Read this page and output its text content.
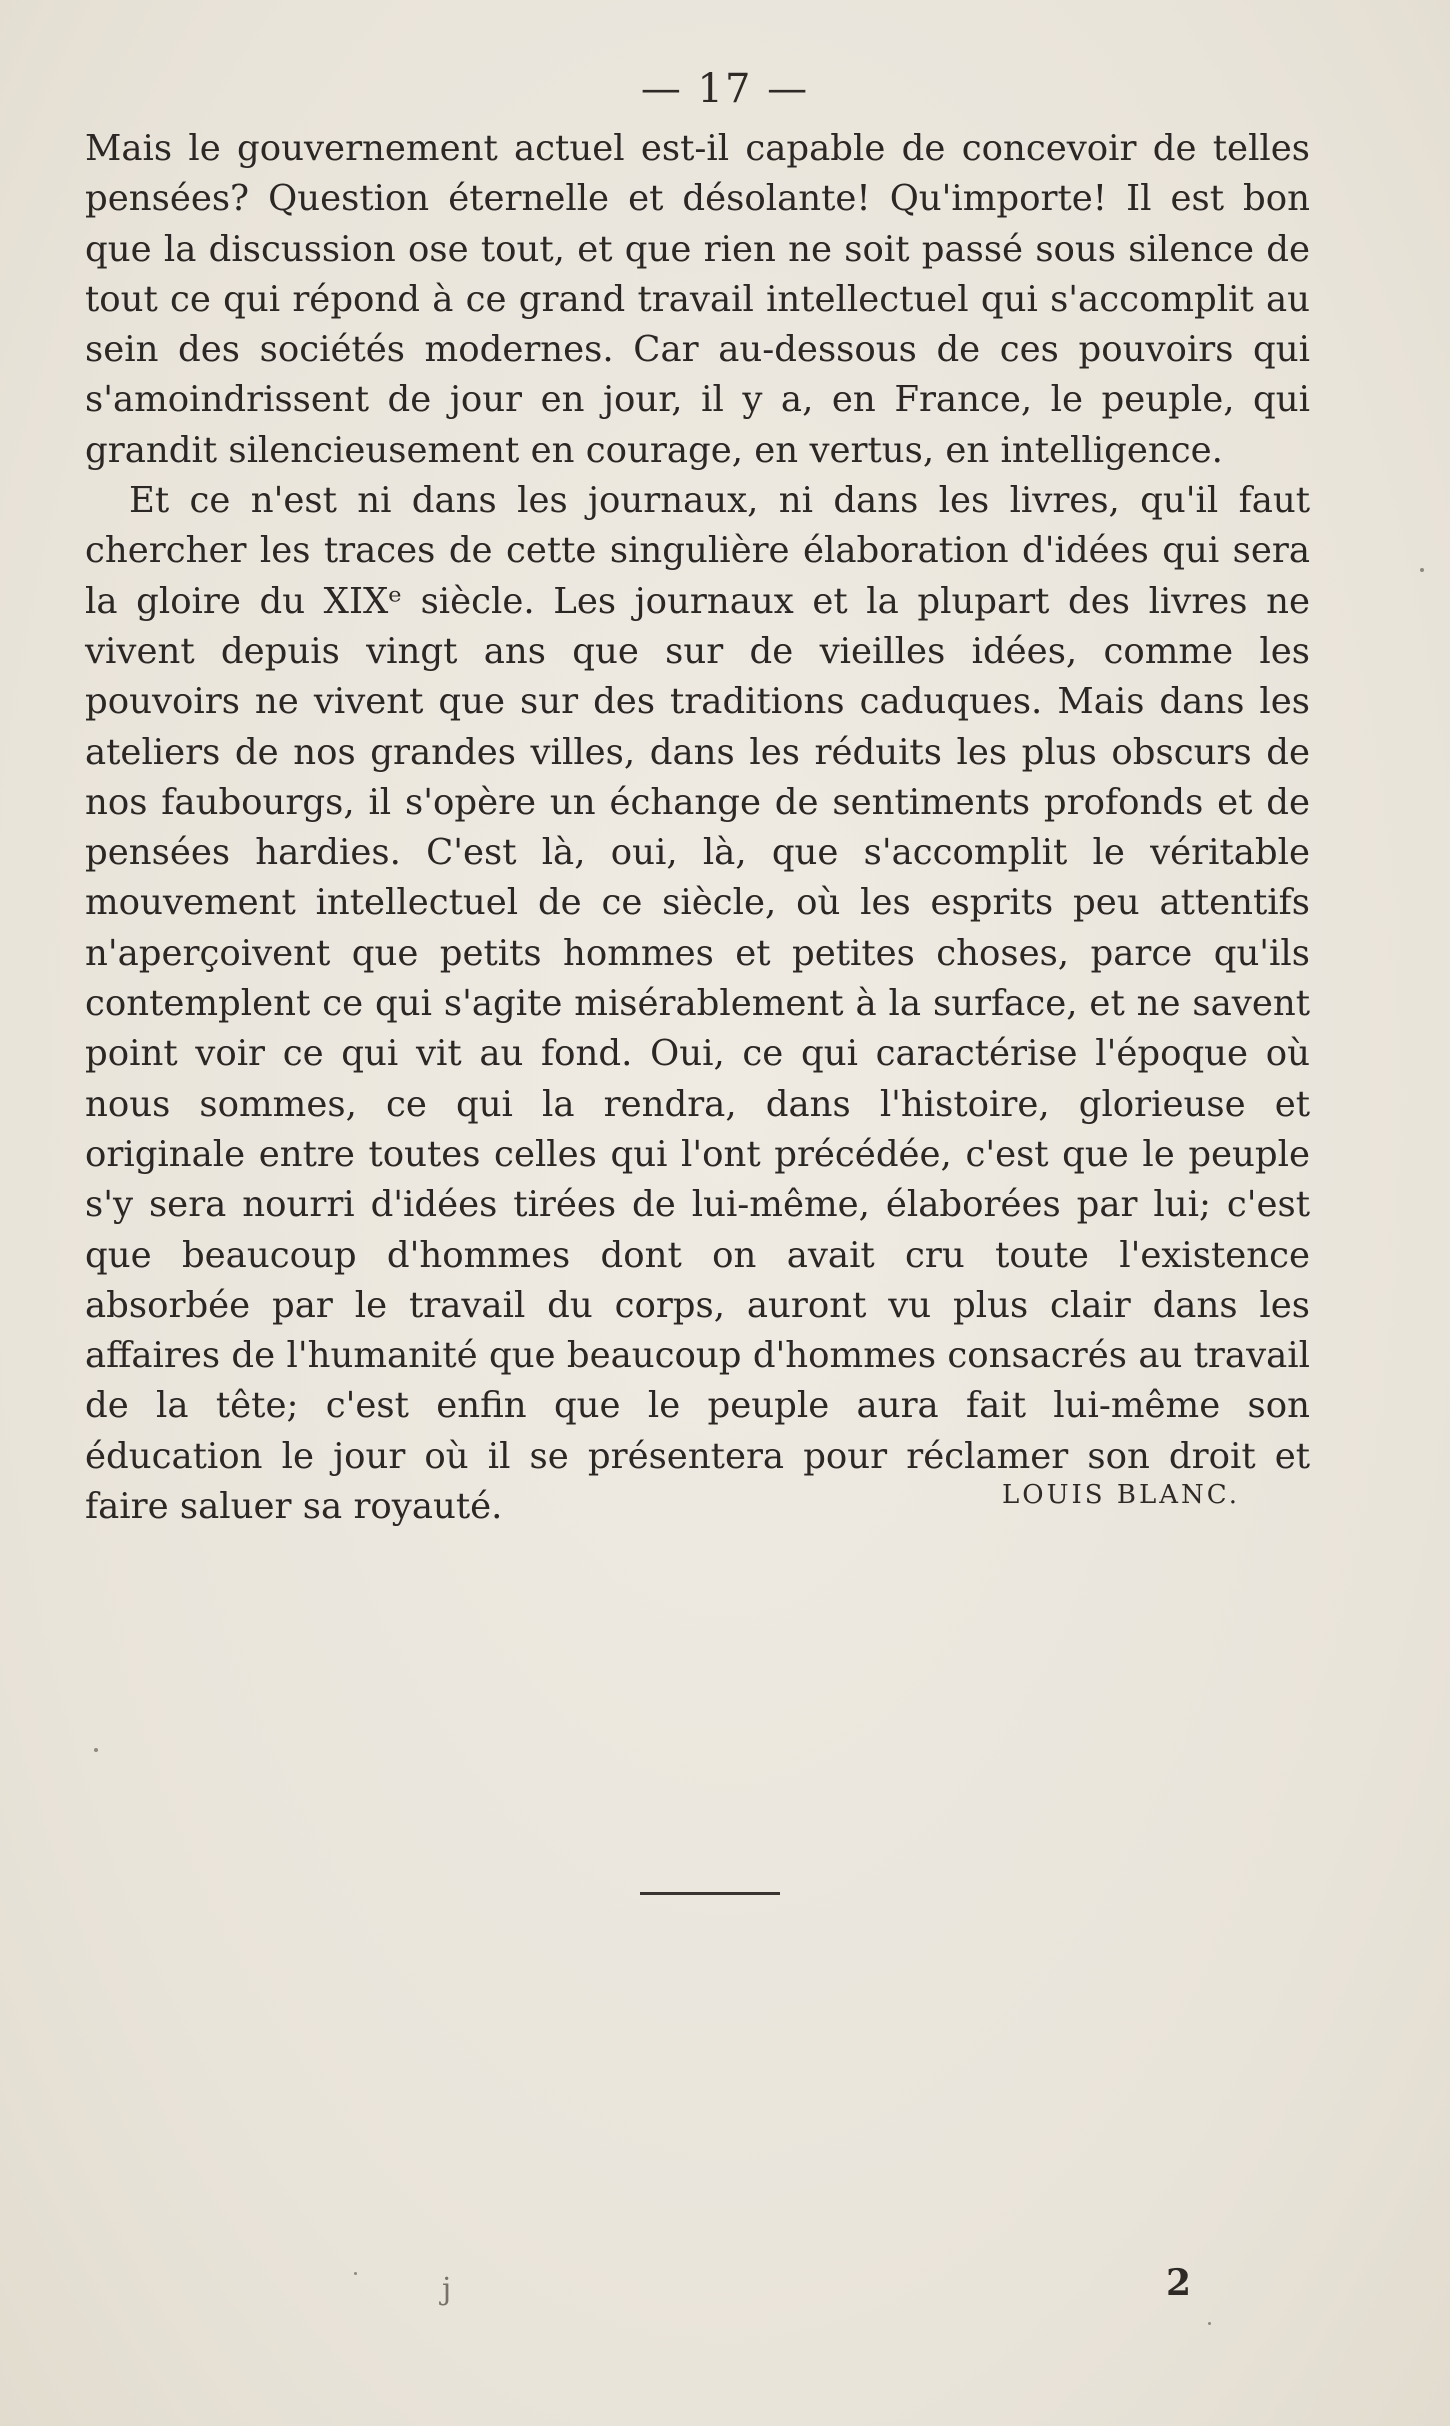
— 17 —

Mais le gouvernement actuel est-il capable de concevoir de telles pensées? Question éternelle et désolante! Qu'importe! Il est bon que la discussion ose tout, et que rien ne soit passé sous silence de tout ce qui répond à ce grand travail intellectuel qui s'accomplit au sein des sociétés modernes. Car au-dessous de ces pouvoirs qui s'amoindrissent de jour en jour, il y a, en France, le peuple, qui grandit silencieusement en courage, en vertus, en intelligence.

Et ce n'est ni dans les journaux, ni dans les livres, qu'il faut chercher les traces de cette singulière élaboration d'idées qui sera la gloire du XIXᵉ siècle. Les journaux et la plupart des livres ne vivent depuis vingt ans que sur de vieilles idées, comme les pouvoirs ne vivent que sur des traditions caduques. Mais dans les ateliers de nos grandes villes, dans les réduits les plus obscurs de nos faubourgs, il s'opère un échange de sentiments profonds et de pensées hardies. C'est là, oui, là, que s'accomplit le véritable mouvement intellectuel de ce siècle, où les esprits peu attentifs n'aperçoivent que petits hommes et petites choses, parce qu'ils contemplent ce qui s'agite misérablement à la surface, et ne savent point voir ce qui vit au fond. Oui, ce qui caractérise l'époque où nous sommes, ce qui la rendra, dans l'histoire, glorieuse et originale entre toutes celles qui l'ont précédée, c'est que le peuple s'y sera nourri d'idées tirées de lui-même, élaborées par lui; c'est que beaucoup d'hommes dont on avait cru toute l'existence absorbée par le travail du corps, auront vu plus clair dans les affaires de l'humanité que beaucoup d'hommes consacrés au travail de la tête; c'est enfin que le peuple aura fait lui-même son éducation le jour où il se présentera pour réclamer son droit et faire saluer sa royauté.	LOUIS BLANC.
j	2
